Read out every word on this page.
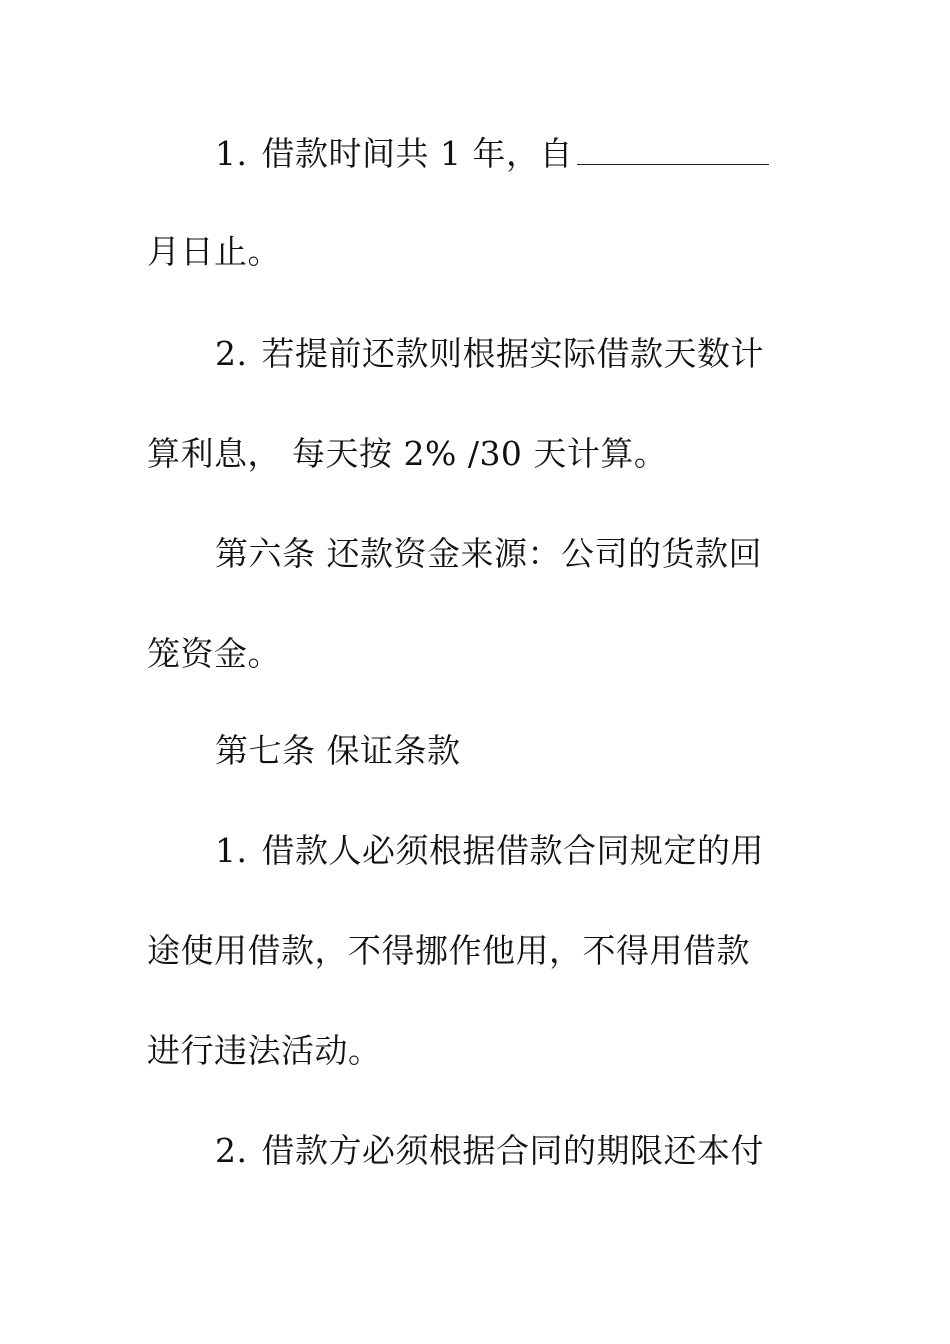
1. 借款时间共 1 年，自
月日止。
2. 若提前还款则根据实际借款天数计
算利息， 每天按 2% /30 天计算。
第六条 还款资金来源：公司的货款回
笼资金。
第七条 保证条款
1. 借款人必须根据借款合同规定的用
途使用借款，不得挪作他用，不得用借款
进行违法活动。
2. 借款方必须根据合同的期限还本付
